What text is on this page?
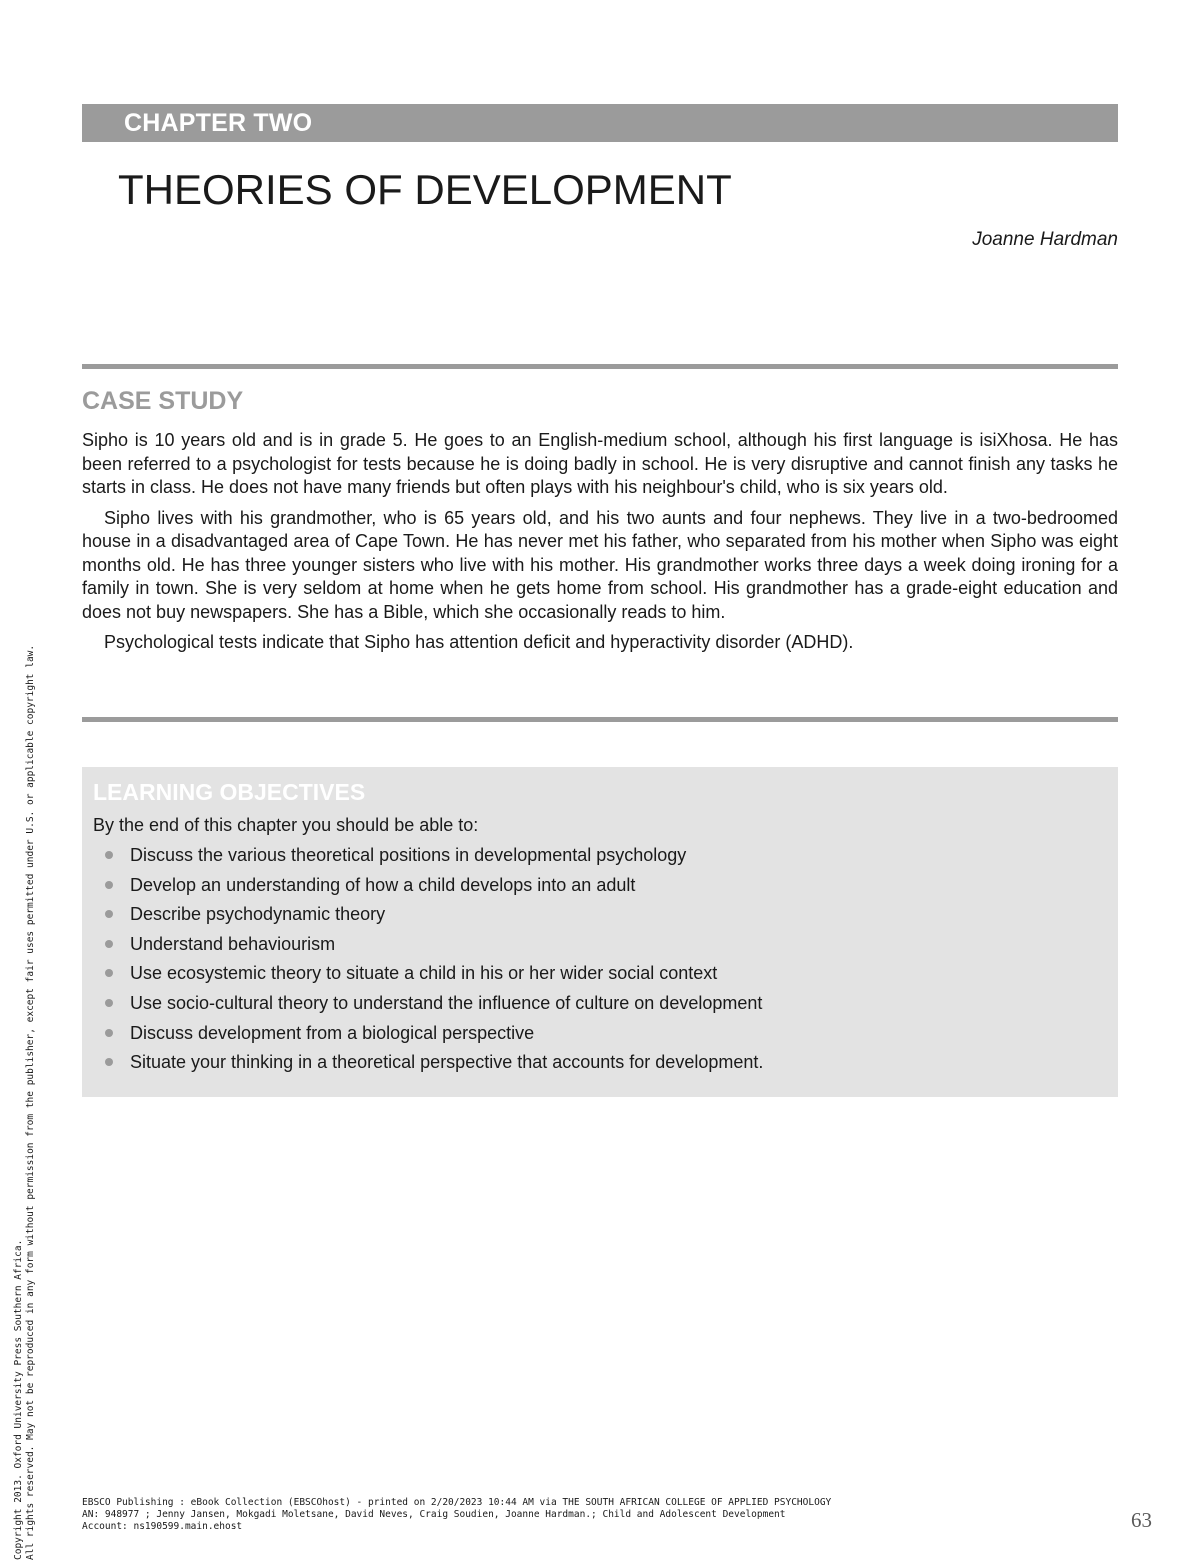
CHAPTER TWO
THEORIES OF DEVELOPMENT
Joanne Hardman
CASE STUDY

Sipho is 10 years old and is in grade 5. He goes to an English-medium school, although his first language is isiXhosa. He has been referred to a psychologist for tests because he is doing badly in school. He is very disruptive and cannot finish any tasks he starts in class. He does not have many friends but often plays with his neighbour's child, who is six years old.

Sipho lives with his grandmother, who is 65 years old, and his two aunts and four nephews. They live in a two-bedroomed house in a disadvantaged area of Cape Town. He has never met his father, who separated from his mother when Sipho was eight months old. He has three younger sisters who live with his mother. His grandmother works three days a week doing ironing for a family in town. She is very seldom at home when he gets home from school. His grandmother has a grade-eight education and does not buy newspapers. She has a Bible, which she occasionally reads to him.

Psychological tests indicate that Sipho has attention deficit and hyperactivity disorder (ADHD).

LEARNING OBJECTIVES
By the end of this chapter you should be able to:
Discuss the various theoretical positions in developmental psychology
Develop an understanding of how a child develops into an adult
Describe psychodynamic theory
Understand behaviourism
Use ecosystemic theory to situate a child in his or her wider social context
Use socio-cultural theory to understand the influence of culture on development
Discuss development from a biological perspective
Situate your thinking in a theoretical perspective that accounts for development.
Copyright 2013. Oxford University Press Southern Africa. All rights reserved. May not be reproduced in any form without permission from the publisher, except fair uses permitted under U.S. or applicable copyright law.	EBSCO Publishing : eBook Collection (EBSCOhost) - printed on 2/20/2023 10:44 AM via THE SOUTH AFRICAN COLLEGE OF APPLIED PSYCHOLOGY
AN: 948977 ; Jenny Jansen, Mokgadi Moletsane, David Neves, Craig Soudien, Joanne Hardman.; Child and Adolescent Development
Account: ns190599.main.ehost	63
